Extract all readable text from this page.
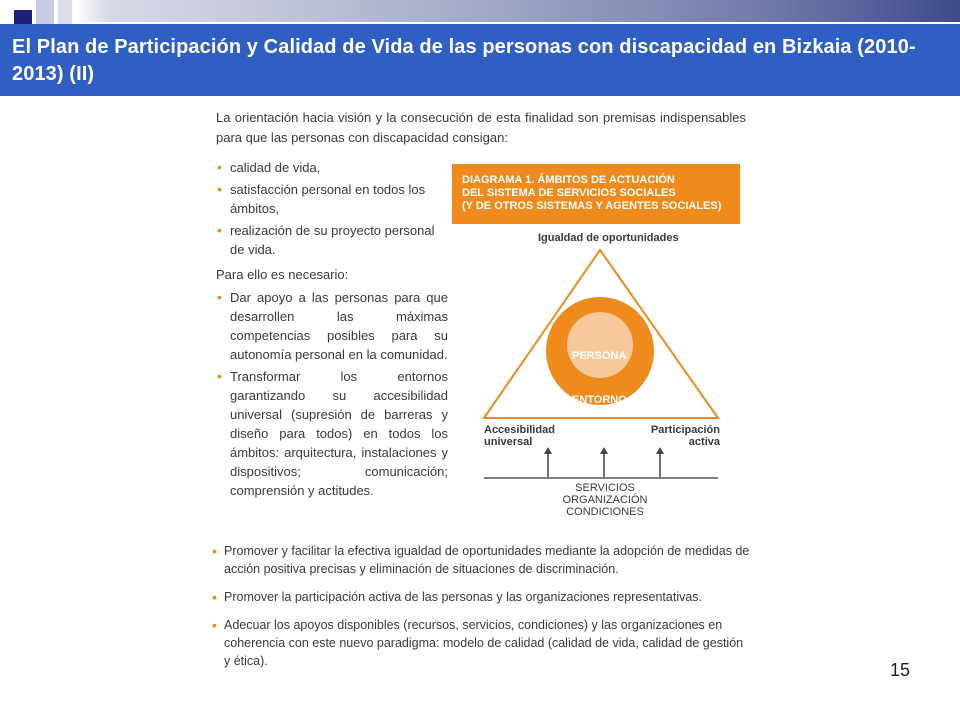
El Plan de Participación y Calidad de Vida de las personas con discapacidad en Bizkaia (2010-2013) (II)
La orientación hacia visión y la consecución de esta finalidad son premisas indispensables para que las personas con discapacidad consigan:
• calidad de vida,
• satisfacción personal en todos los ámbitos,
• realización de su proyecto personal de vida.
Para ello es necesario:
• Dar apoyo a las personas para que desarrollen las máximas competencias posibles para su autonomía personal en la comunidad.
• Transformar los entornos garantizando su accesibilidad universal (supresión de barreras y diseño para todos) en todos los ámbitos: arquitectura, instalaciones y dispositivos; comunicación; comprensión y actitudes.
DIAGRAMA 1. ÁMBITOS DE ACTUACIÓN
DEL SISTEMA DE SERVICIOS SOCIALES
(Y DE OTROS SISTEMAS Y AGENTES SOCIALES)
Igualdad de oportunidades
PERSONA
ENTORNO
Accesibilidad
universal
Participación
activa
SERVICIOS
ORGANIZACIÓN
CONDICIONES
• Promover y facilitar la efectiva igualdad de oportunidades mediante la adopción de medidas de acción positiva precisas y eliminación de situaciones de discriminación.
• Promover la participación activa de las personas y las organizaciones representativas.
• Adecuar los apoyos disponibles (recursos, servicios, condiciones) y las organizaciones en coherencia con este nuevo paradigma: modelo de calidad (calidad de vida, calidad de gestión y ética).	15
